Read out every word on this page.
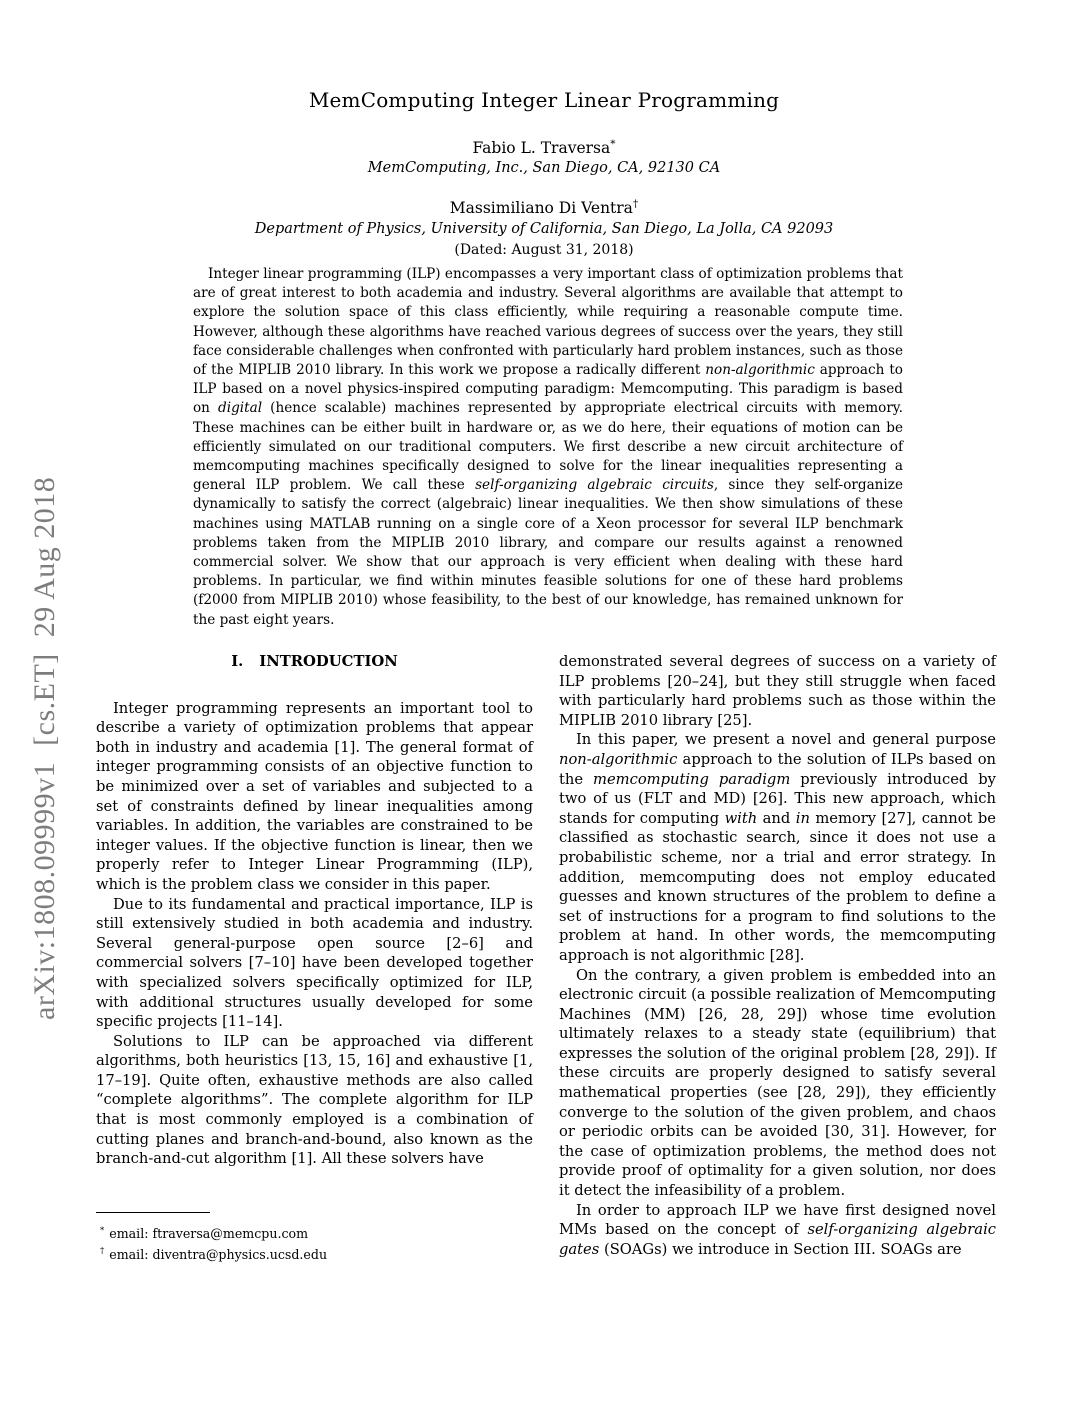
arXiv:1808.09999v1  [cs.ET]  29 Aug 2018
MemComputing Integer Linear Programming
Fabio L. Traversa*
MemComputing, Inc., San Diego, CA, 92130 CA
Massimiliano Di Ventra†
Department of Physics, University of California, San Diego, La Jolla, CA 92093
(Dated: August 31, 2018)

Integer linear programming (ILP) encompasses a very important class of optimization problems that are of great interest to both academia and industry. Several algorithms are available that attempt to explore the solution space of this class efficiently, while requiring a reasonable compute time. However, although these algorithms have reached various degrees of success over the years, they still face considerable challenges when confronted with particularly hard problem instances, such as those of the MIPLIB 2010 library. In this work we propose a radically different non-algorithmic approach to ILP based on a novel physics-inspired computing paradigm: Memcomputing. This paradigm is based on digital (hence scalable) machines represented by appropriate electrical circuits with memory. These machines can be either built in hardware or, as we do here, their equations of motion can be efficiently simulated on our traditional computers. We first describe a new circuit architecture of memcomputing machines specifically designed to solve for the linear inequalities representing a general ILP problem. We call these self-organizing algebraic circuits, since they self-organize dynamically to satisfy the correct (algebraic) linear inequalities. We then show simulations of these machines using MATLAB running on a single core of a Xeon processor for several ILP benchmark problems taken from the MIPLIB 2010 library, and compare our results against a renowned commercial solver. We show that our approach is very efficient when dealing with these hard problems. In particular, we find within minutes feasible solutions for one of these hard problems (f2000 from MIPLIB 2010) whose feasibility, to the best of our knowledge, has remained unknown for the past eight years.

I. INTRODUCTION

Integer programming represents an important tool to describe a variety of optimization problems that appear both in industry and academia [1]. The general format of integer programming consists of an objective function to be minimized over a set of variables and subjected to a set of constraints defined by linear inequalities among variables. In addition, the variables are constrained to be integer values. If the objective function is linear, then we properly refer to Integer Linear Programming (ILP), which is the problem class we consider in this paper.

Due to its fundamental and practical importance, ILP is still extensively studied in both academia and industry. Several general-purpose open source [2–6] and commercial solvers [7–10] have been developed together with specialized solvers specifically optimized for ILP, with additional structures usually developed for some specific projects [11–14].

Solutions to ILP can be approached via different algorithms, both heuristics [13, 15, 16] and exhaustive [1, 17–19]. Quite often, exhaustive methods are also called “complete algorithms”. The complete algorithm for ILP that is most commonly employed is a combination of cutting planes and branch-and-bound, also known as the branch-and-cut algorithm [1]. All these solvers have

demonstrated several degrees of success on a variety of ILP problems [20–24], but they still struggle when faced with particularly hard problems such as those within the MIPLIB 2010 library [25].

In this paper, we present a novel and general purpose non-algorithmic approach to the solution of ILPs based on the memcomputing paradigm previously introduced by two of us (FLT and MD) [26]. This new approach, which stands for computing with and in memory [27], cannot be classified as stochastic search, since it does not use a probabilistic scheme, nor a trial and error strategy. In addition, memcomputing does not employ educated guesses and known structures of the problem to define a set of instructions for a program to find solutions to the problem at hand. In other words, the memcomputing approach is not algorithmic [28].

On the contrary, a given problem is embedded into an electronic circuit (a possible realization of Memcomputing Machines (MM) [26, 28, 29]) whose time evolution ultimately relaxes to a steady state (equilibrium) that expresses the solution of the original problem [28, 29]). If these circuits are properly designed to satisfy several mathematical properties (see [28, 29]), they efficiently converge to the solution of the given problem, and chaos or periodic orbits can be avoided [30, 31]. However, for the case of optimization problems, the method does not provide proof of optimality for a given solution, nor does it detect the infeasibility of a problem.

In order to approach ILP we have first designed novel MMs based on the concept of self-organizing algebraic gates (SOAGs) we introduce in Section III. SOAGs are

* email: ftraversa@memcpu.com
† email: diventra@physics.ucsd.edu
